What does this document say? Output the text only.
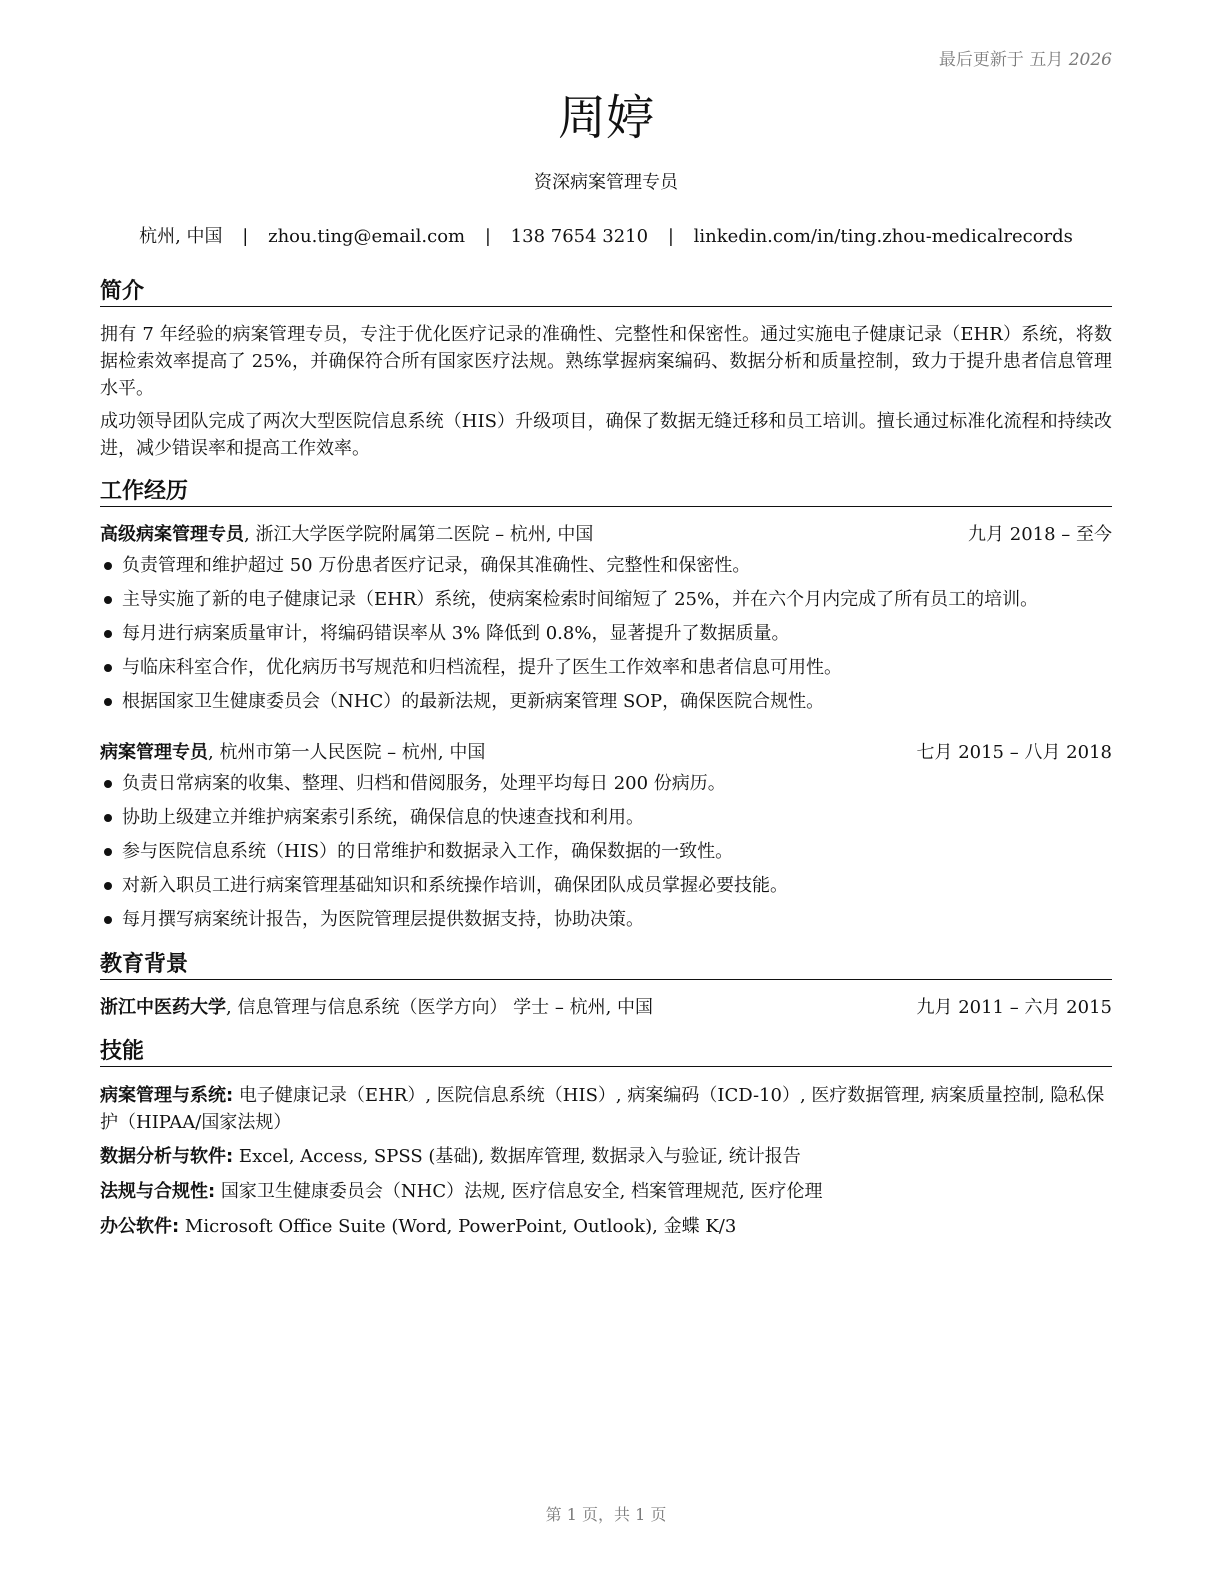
最后更新于 五月 2026
周婷
资深病案管理专员
杭州, 中国 | zhou.ting@email.com | 138 7654 3210 | linkedin.com/in/ting.zhou-medicalrecords
简介
拥有 7 年经验的病案管理专员，专注于优化医疗记录的准确性、完整性和保密性。通过实施电子健康记录（EHR）系统，将数据检索效率提高了 25%，并确保符合所有国家医疗法规。熟练掌握病案编码、数据分析和质量控制，致力于提升患者信息管理水平。
成功领导团队完成了两次大型医院信息系统（HIS）升级项目，确保了数据无缝迁移和员工培训。擅长通过标准化流程和持续改进，减少错误率和提高工作效率。
工作经历
高级病案管理专员, 浙江大学医学院附属第二医院 – 杭州, 中国	九月 2018 – 至今
负责管理和维护超过 50 万份患者医疗记录，确保其准确性、完整性和保密性。
主导实施了新的电子健康记录（EHR）系统，使病案检索时间缩短了 25%，并在六个月内完成了所有员工的培训。
每月进行病案质量审计，将编码错误率从 3% 降低到 0.8%，显著提升了数据质量。
与临床科室合作，优化病历书写规范和归档流程，提升了医生工作效率和患者信息可用性。
根据国家卫生健康委员会（NHC）的最新法规，更新病案管理 SOP，确保医院合规性。
病案管理专员, 杭州市第一人民医院 – 杭州, 中国	七月 2015 – 八月 2018
负责日常病案的收集、整理、归档和借阅服务，处理平均每日 200 份病历。
协助上级建立并维护病案索引系统，确保信息的快速查找和利用。
参与医院信息系统（HIS）的日常维护和数据录入工作，确保数据的一致性。
对新入职员工进行病案管理基础知识和系统操作培训，确保团队成员掌握必要技能。
每月撰写病案统计报告，为医院管理层提供数据支持，协助决策。
教育背景
浙江中医药大学, 信息管理与信息系统（医学方向） 学士 – 杭州, 中国	九月 2011 – 六月 2015
技能
病案管理与系统: 电子健康记录（EHR）, 医院信息系统（HIS）, 病案编码（ICD-10）, 医疗数据管理, 病案质量控制, 隐私保护（HIPAA/国家法规）
数据分析与软件: Excel, Access, SPSS (基础), 数据库管理, 数据录入与验证, 统计报告
法规与合规性: 国家卫生健康委员会（NHC）法规, 医疗信息安全, 档案管理规范, 医疗伦理
办公软件: Microsoft Office Suite (Word, PowerPoint, Outlook), 金蝶 K/3
第 1 页，共 1 页
